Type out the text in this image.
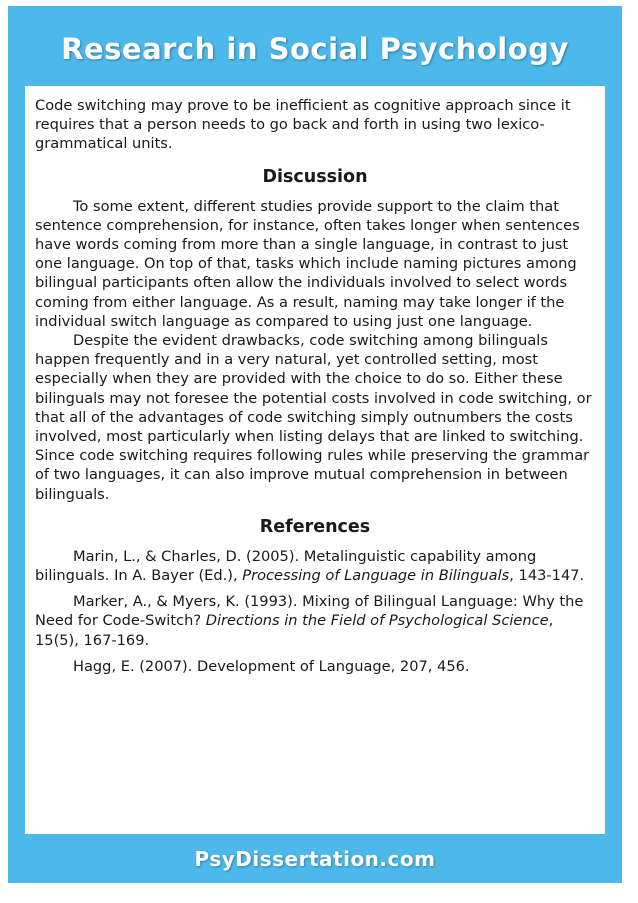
Research in Social Psychology

Code switching may prove to be inefficient as cognitive approach since it requires that a person needs to go back and forth in using two lexico-grammatical units.

Discussion

To some extent, different studies provide support to the claim that sentence comprehension, for instance, often takes longer when sentences have words coming from more than a single language, in contrast to just one language. On top of that, tasks which include naming pictures among bilingual participants often allow the individuals involved to select words coming from either language. As a result, naming may take longer if the individual switch language as compared to using just one language.

Despite the evident drawbacks, code switching among bilinguals happen frequently and in a very natural, yet controlled setting, most especially when they are provided with the choice to do so. Either these bilinguals may not foresee the potential costs involved in code switching, or that all of the advantages of code switching simply outnumbers the costs involved, most particularly when listing delays that are linked to switching. Since code switching requires following rules while preserving the grammar of two languages, it can also improve mutual comprehension in between bilinguals.

References

Marin, L., & Charles, D. (2005). Metalinguistic capability among bilinguals. In A. Bayer (Ed.), Processing of Language in Bilinguals, 143-147.

Marker, A., & Myers, K. (1993). Mixing of Bilingual Language: Why the Need for Code-Switch? Directions in the Field of Psychological Science, 15(5), 167-169.

Hagg, E. (2007). Development of Language, 207, 456.

PsyDissertation.com
